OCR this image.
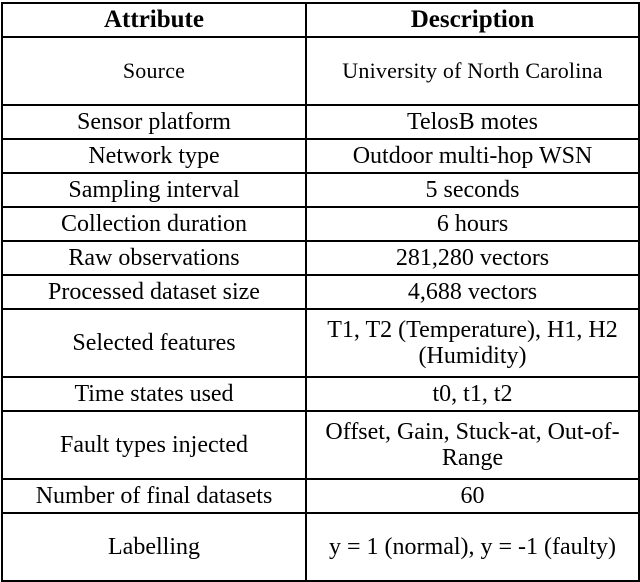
Attribute	Description
Source	University of North Carolina
Sensor platform	TelosB motes
Network type	Outdoor multi-hop WSN
Sampling interval	5 seconds
Collection duration	6 hours
Raw observations	281,280 vectors
Processed dataset size	4,688 vectors
Selected features	T1, T2 (Temperature), H1, H2 (Humidity)
Time states used	t0, t1, t2
Fault types injected	Offset, Gain, Stuck-at, Out-of-Range
Number of final datasets	60
Labelling	y = 1 (normal), y = -1 (faulty)
